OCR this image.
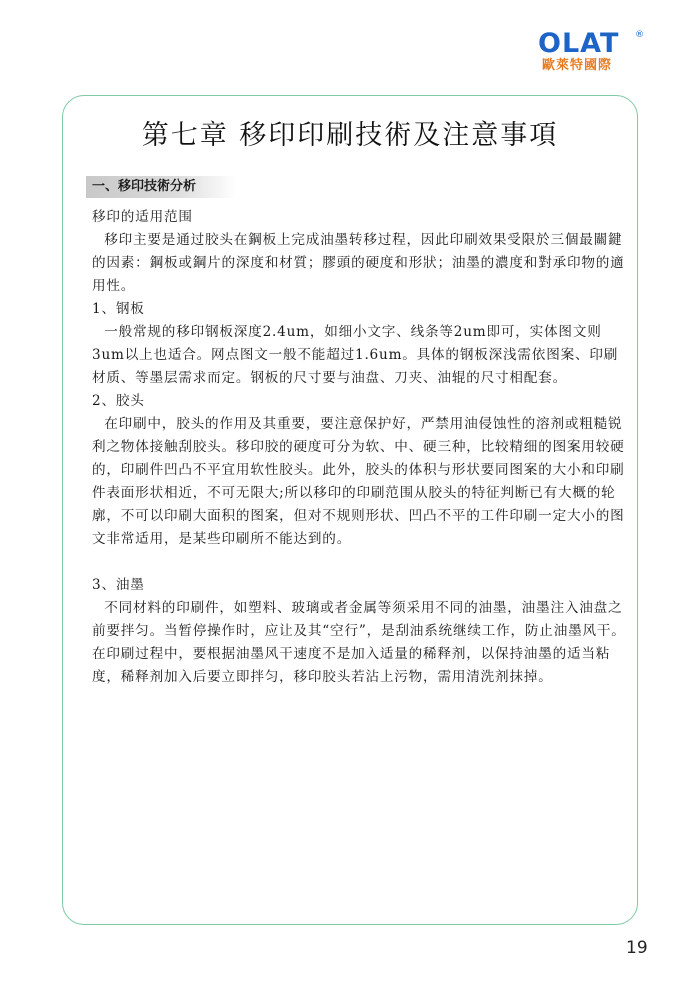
OLAT	®
歐萊特國際
第七章 移印印刷技術及注意事項
一、移印技術分析

移印的适用范围

移印主要是通过胶头在鋼板上完成油墨转移过程，因此印刷效果受限於三個最關鍵的因素：鋼板或鋼片的深度和材質；膠頭的硬度和形狀；油墨的濃度和對承印物的適用性。

1、钢板

一般常规的移印钢板深度2.4um，如细小文字、线条等2um即可，实体图文则3um以上也适合。网点图文一般不能超过1.6um。具体的钢板深浅需依图案、印刷材质、等墨层需求而定。钢板的尺寸要与油盘、刀夹、油辊的尺寸相配套。

2、胶头

在印刷中，胶头的作用及其重要，要注意保护好，严禁用油侵蚀性的溶剂或粗糙锐利之物体接触刮胶头。移印胶的硬度可分为软、中、硬三种，比较精细的图案用较硬的，印刷件凹凸不平宜用软性胶头。此外，胶头的体积与形状要同图案的大小和印刷件表面形状相近，不可无限大;所以移印的印刷范围从胶头的特征判断已有大概的轮廓，不可以印刷大面积的图案，但对不规则形状、凹凸不平的工件印刷一定大小的图文非常适用，是某些印刷所不能达到的。

3、油墨

不同材料的印刷件，如塑料、玻璃或者金属等须采用不同的油墨，油墨注入油盘之前要拌匀。当暂停操作时，应让及其“空行”，是刮油系统继续工作，防止油墨风干。在印刷过程中，要根据油墨风干速度不是加入适量的稀释剂，以保持油墨的适当粘度，稀释剂加入后要立即拌匀，移印胶头若沾上污物，需用清洗剂抹掉。

19
